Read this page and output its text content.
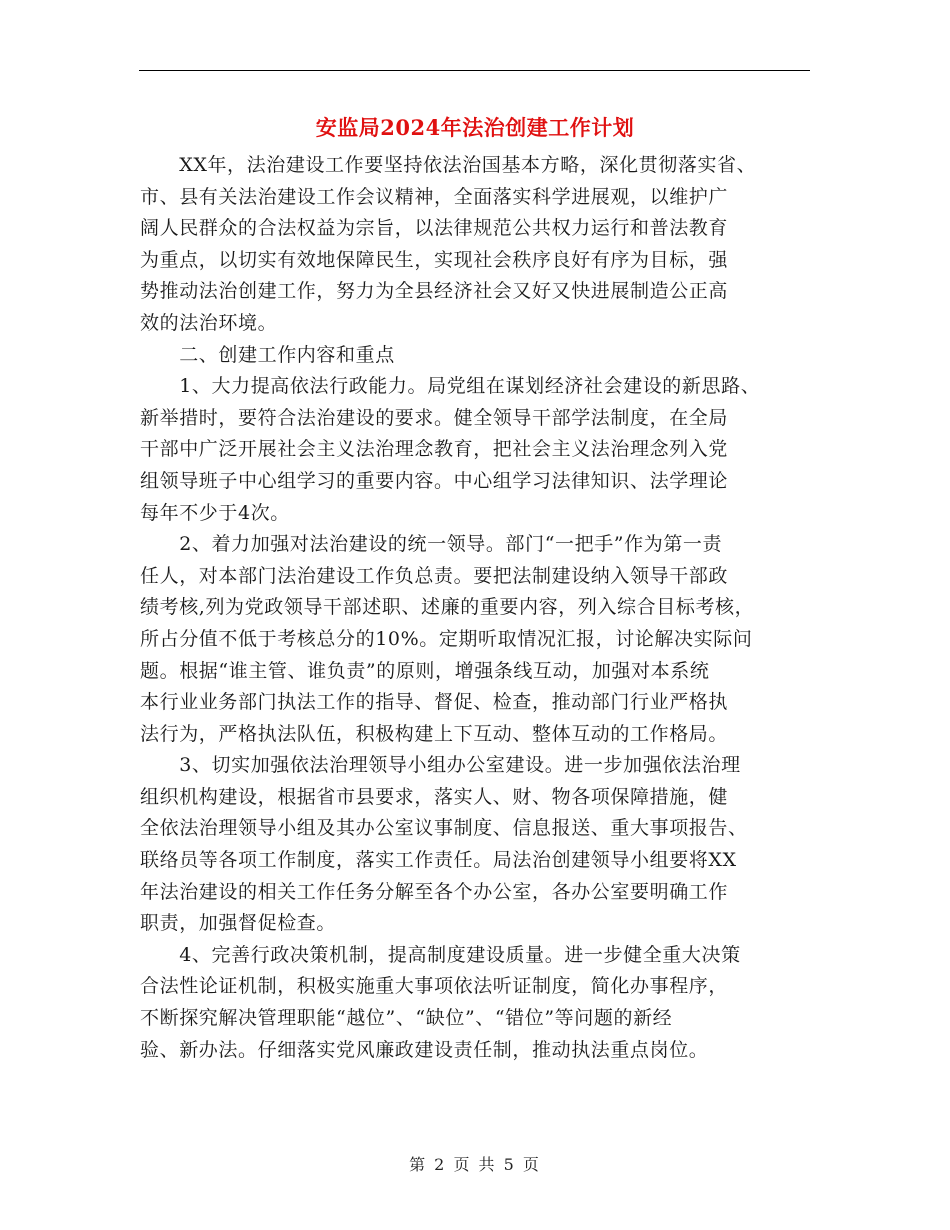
安监局2024年法治创建工作计划
　　XX年，法治建设工作要坚持依法治国基本方略，深化贯彻落实省、
市、县有关法治建设工作会议精神，全面落实科学进展观，以维护广
阔人民群众的合法权益为宗旨，以法律规范公共权力运行和普法教育
为重点，以切实有效地保障民生，实现社会秩序良好有序为目标，强
势推动法治创建工作，努力为全县经济社会又好又快进展制造公正高
效的法治环境。
　　二、创建工作内容和重点
　　1、大力提高依法行政能力。局党组在谋划经济社会建设的新思路、
新举措时，要符合法治建设的要求。健全领导干部学法制度，在全局
干部中广泛开展社会主义法治理念教育，把社会主义法治理念列入党
组领导班子中心组学习的重要内容。中心组学习法律知识、法学理论
每年不少于4次。
　　2、着力加强对法治建设的统一领导。部门“一把手”作为第一责
任人，对本部门法治建设工作负总责。要把法制建设纳入领导干部政
绩考核,列为党政领导干部述职、述廉的重要内容，列入综合目标考核，
所占分值不低于考核总分的10%。定期听取情况汇报，讨论解决实际问
题。根据“谁主管、谁负责”的原则，增强条线互动，加强对本系统
本行业业务部门执法工作的指导、督促、检查，推动部门行业严格执
法行为，严格执法队伍，积极构建上下互动、整体互动的工作格局。
　　3、切实加强依法治理领导小组办公室建设。进一步加强依法治理
组织机构建设，根据省市县要求，落实人、财、物各项保障措施，健
全依法治理领导小组及其办公室议事制度、信息报送、重大事项报告、
联络员等各项工作制度，落实工作责任。局法治创建领导小组要将XX
年法治建设的相关工作任务分解至各个办公室，各办公室要明确工作
职责，加强督促检查。
　　4、完善行政决策机制，提高制度建设质量。进一步健全重大决策
合法性论证机制，积极实施重大事项依法听证制度，简化办事程序，
不断探究解决管理职能“越位”、“缺位”、“错位”等问题的新经
验、新办法。仔细落实党风廉政建设责任制，推动执法重点岗位。
第 2 页 共 5 页
